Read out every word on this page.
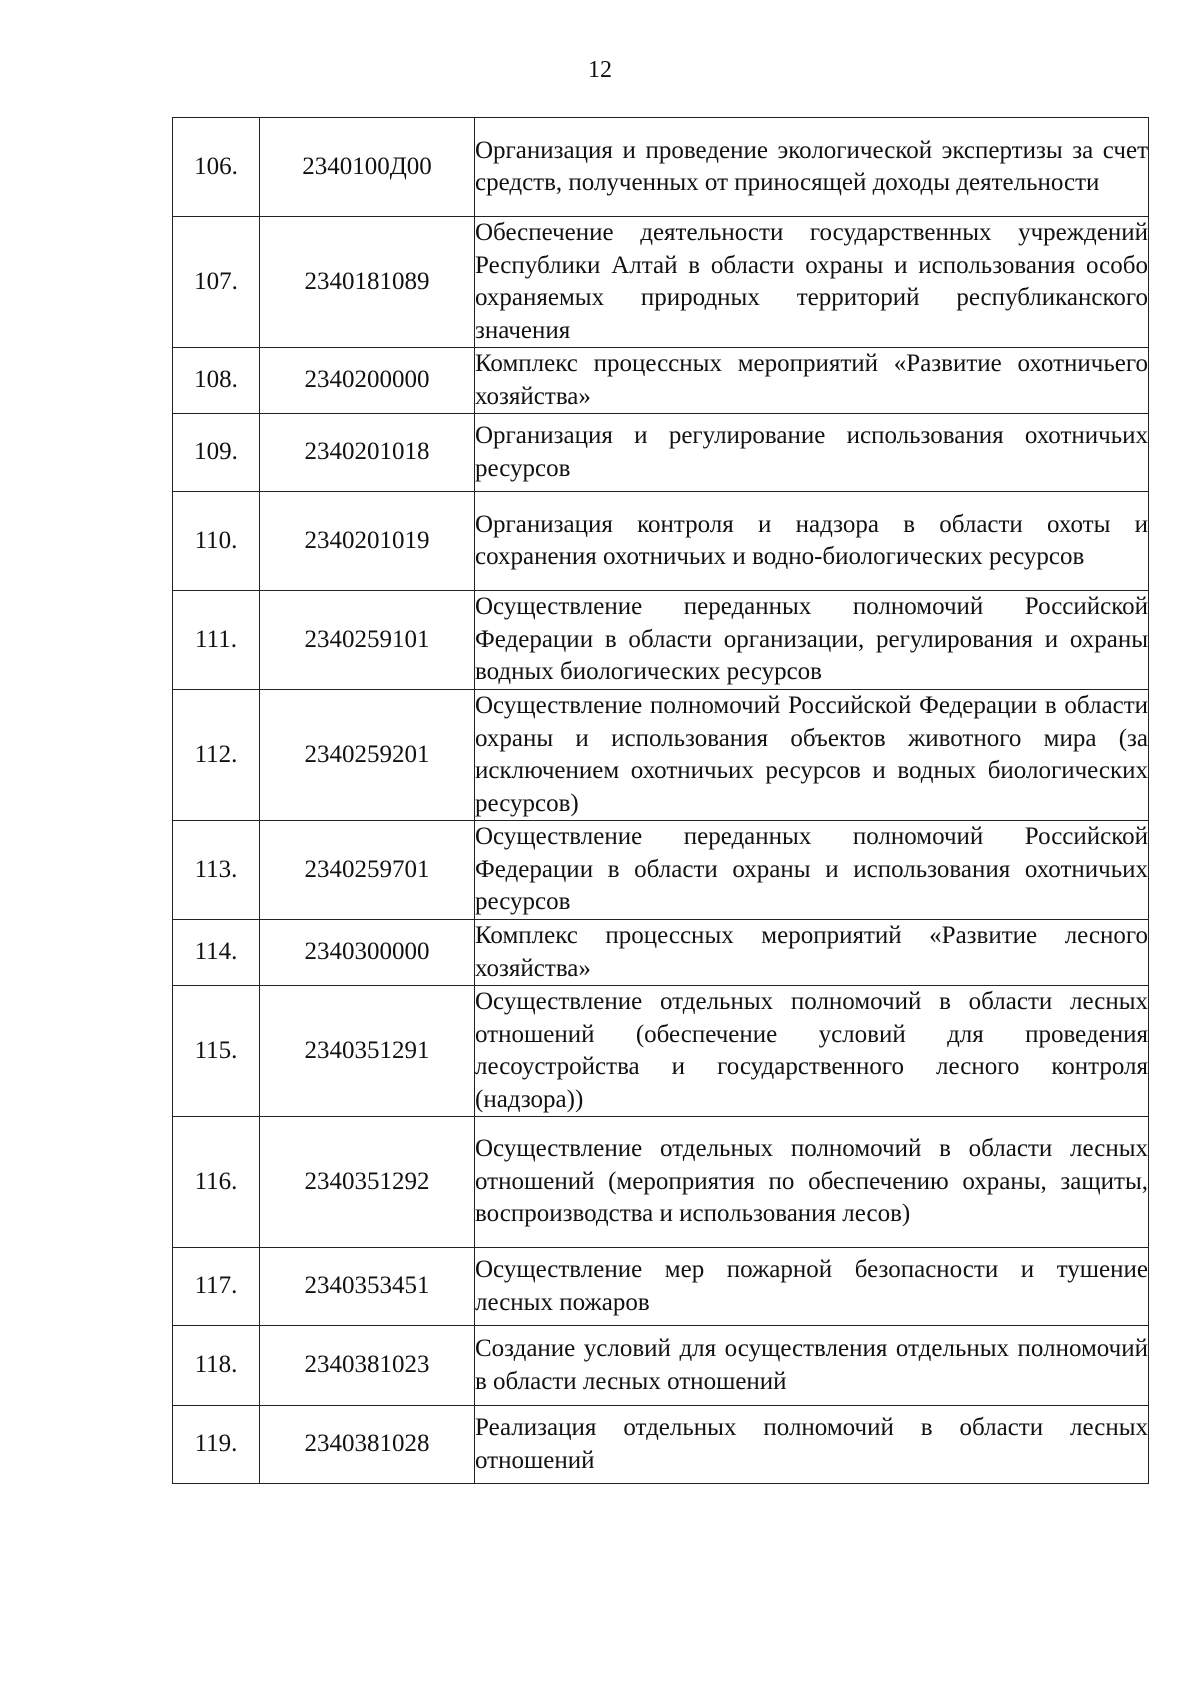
12
106.	2340100Д00	Организация и проведение экологической экспертизы за счет средств, полученных от приносящей доходы деятельности
107.	2340181089	Обеспечение деятельности государственных учреждений Республики Алтай в области охраны и использования особо охраняемых природных территорий республиканского значения
108.	2340200000	Комплекс процессных мероприятий «Развитие охотничьего хозяйства»
109.	2340201018	Организация и регулирование использования охотничьих ресурсов
110.	2340201019	Организация контроля и надзора в области охоты и сохранения охотничьих и водно-биологических ресурсов
111.	2340259101	Осуществление переданных полномочий Российской Федерации в области организации, регулирования и охраны водных биологических ресурсов
112.	2340259201	Осуществление полномочий Российской Федерации в области охраны и использования объектов животного мира (за исключением охотничьих ресурсов и водных биологических ресурсов)
113.	2340259701	Осуществление переданных полномочий Российской Федерации в области охраны и использования охотничьих ресурсов
114.	2340300000	Комплекс процессных мероприятий «Развитие лесного хозяйства»
115.	2340351291	Осуществление отдельных полномочий в области лесных отношений (обеспечение условий для проведения лесоустройства и государственного лесного контроля (надзора))
116.	2340351292	Осуществление отдельных полномочий в области лесных отношений (мероприятия по обеспечению охраны, защиты, воспроизводства и использования лесов)
117.	2340353451	Осуществление мер пожарной безопасности и тушение лесных пожаров
118.	2340381023	Создание условий для осуществления отдельных полномочий в области лесных отношений
119.	2340381028	Реализация отдельных полномочий в области лесных отношений
